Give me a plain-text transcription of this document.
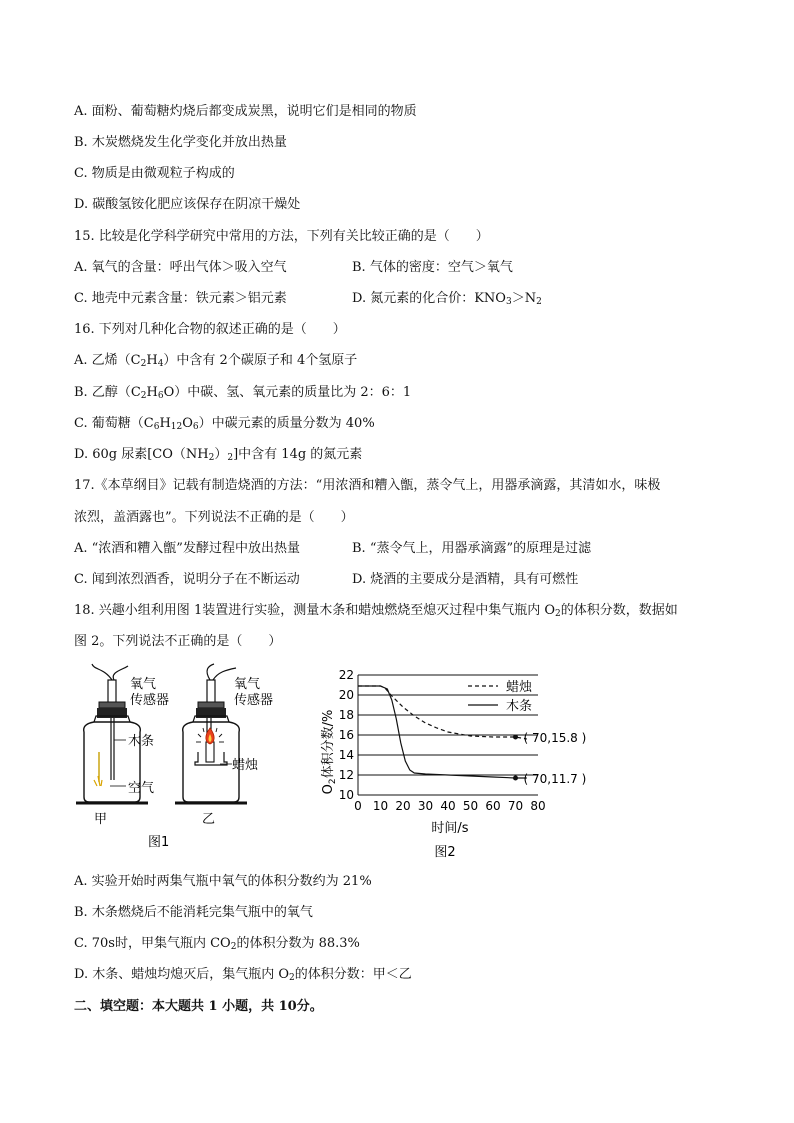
A. 面粉、葡萄糖灼烧后都变成炭黑，说明它们是相同的物质
B. 木炭燃烧发生化学变化并放出热量
C. 物质是由微观粒子构成的
D. 碳酸氢铵化肥应该保存在阴凉干燥处
15. 比较是化学科学研究中常用的方法，下列有关比较正确的是（　　）
A. 氧气的含量：呼出气体＞吸入空气	B. 气体的密度：空气＞氧气
C. 地壳中元素含量：铁元素＞铝元素	D. 氮元素的化合价：$KNO_3>N_2$
16. 下列对几种化合物的叙述正确的是（　　）
A. 乙烯$(C_2H_4)$中含有 2个碳原子和 4个氢原子
B. 乙醇$(C_2H_6O)$中碳、氢、氧元素的质量比为 2：6：1
C. 葡萄糖$(C_6H_{12}O_6)$中碳元素的质量分数为 40%
D. 60g 尿素$[CO(NH_2)_2]$中含有 14g 的氮元素
17.《本草纲目》记载有制造烧酒的方法：“用浓酒和糟入甑，蒸令气上，用器承滴露，其清如水，味极
浓烈，盖酒露也”。下列说法不正确的是（　　）
A. “浓酒和糟入甑”发酵过程中放出热量	B. “蒸令气上，用器承滴露”的原理是过滤
C. 闻到浓烈酒香，说明分子在不断运动	D. 烧酒的主要成分是酒精，具有可燃性
18. 兴趣小组利用图 1装置进行实验，测量木条和蜡烛燃烧至熄灭过程中集气瓶内 $O_2$的体积分数，数据如
图 2。下列说法不正确的是（　　）
氧气
传感器
木条
空气
甲
氧气
传感器
蜡烛
乙
图1
10
12
14
16
18
20
22
0 10 20 30 40 50 60 70 80
蜡烛
木条
( 70,15.8 )
( 70,11.7 )
$O_2$体积分数/%
时间/s
图2
A. 实验开始时两集气瓶中氧气的体积分数约为 21%
B. 木条燃烧后不能消耗完集气瓶中的氧气
C. 70s时，甲集气瓶内 $CO_2$的体积分数为 88.3%
D. 木条、蜡烛均熄灭后，集气瓶内 $O_2$的体积分数：甲＜乙
二、填空题：本大题共 1 小题，共 10分。
